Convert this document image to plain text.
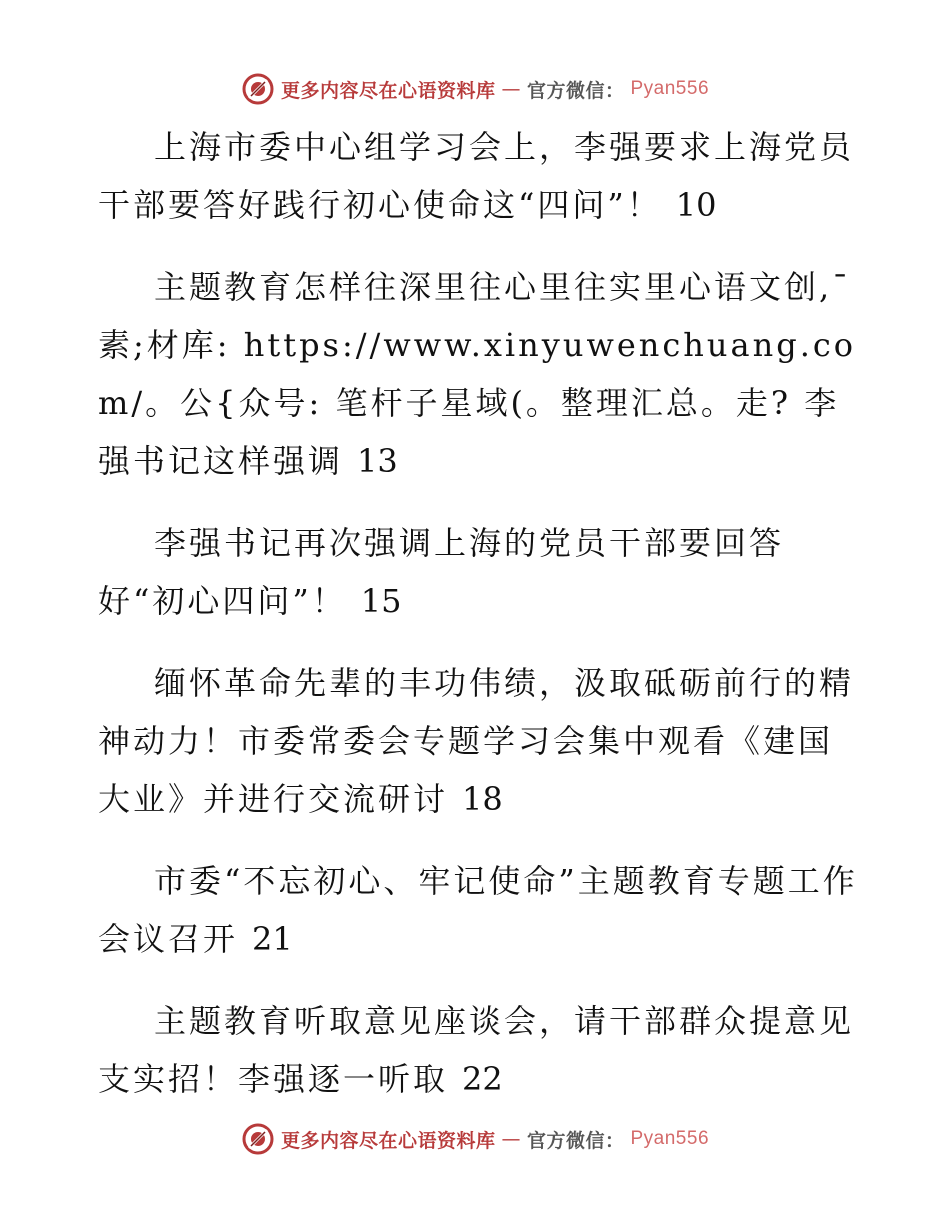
更多内容尽在心语资料库 — 官方微信： Pyan556

上海市委中心组学习会上，李强要求上海党员干部要答好践行初心使命这“四问”！ 10

主题教育怎样往深里往心里往实里心语文创,¯素;材库: https://www.xinyuwenchuang.com/。公{众号: 笔杆子星域(。整理汇总。走? 李强书记这样强调 13

李强书记再次强调上海的党员干部要回答好“初心四问”！ 15

缅怀革命先辈的丰功伟绩，汲取砥砺前行的精神动力！市委常委会专题学习会集中观看《建国大业》并进行交流研讨 18

市委“不忘初心、牢记使命”主题教育专题工作会议召开 21

主题教育听取意见座谈会，请干部群众提意见支实招！李强逐一听取 22

更多内容尽在心语资料库 — 官方微信： Pyan556
